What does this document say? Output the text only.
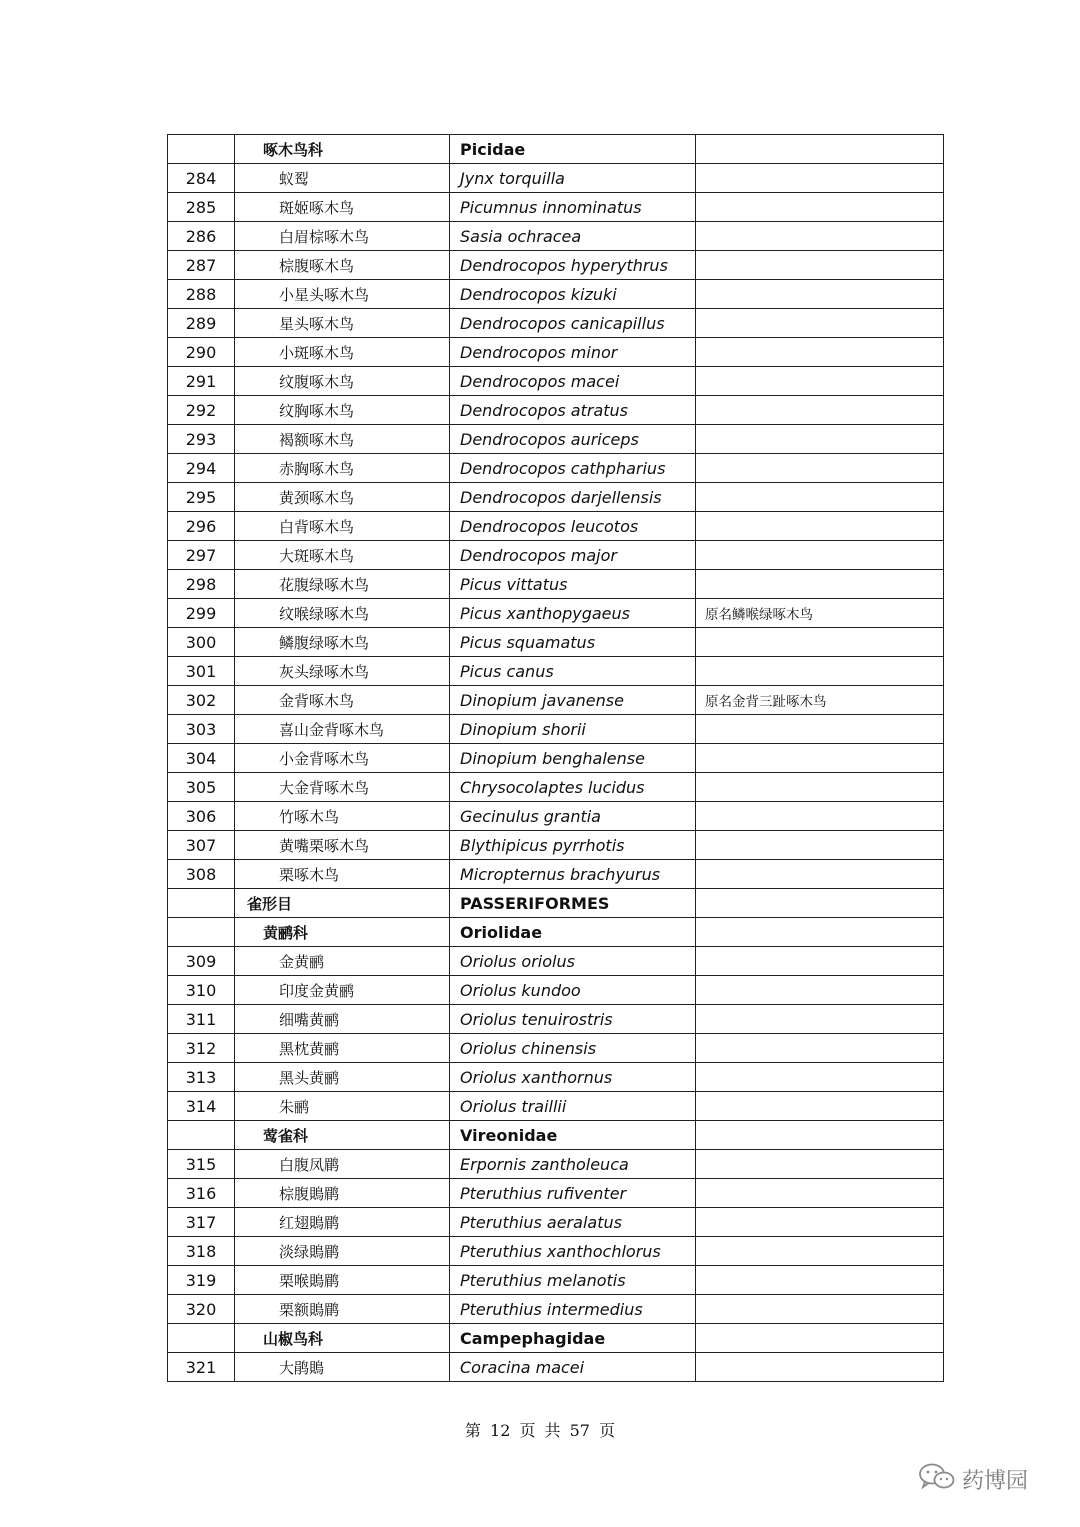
	啄木鸟科	Picidae	
284	蚁䴕	Jynx torquilla	
285	斑姬啄木鸟	Picumnus innominatus	
286	白眉棕啄木鸟	Sasia ochracea	
287	棕腹啄木鸟	Dendrocopos hyperythrus	
288	小星头啄木鸟	Dendrocopos kizuki	
289	星头啄木鸟	Dendrocopos canicapillus	
290	小斑啄木鸟	Dendrocopos minor	
291	纹腹啄木鸟	Dendrocopos macei	
292	纹胸啄木鸟	Dendrocopos atratus	
293	褐额啄木鸟	Dendrocopos auriceps	
294	赤胸啄木鸟	Dendrocopos cathpharius	
295	黄颈啄木鸟	Dendrocopos darjellensis	
296	白背啄木鸟	Dendrocopos leucotos	
297	大斑啄木鸟	Dendrocopos major	
298	花腹绿啄木鸟	Picus vittatus	
299	纹喉绿啄木鸟	Picus xanthopygaeus	原名鳞喉绿啄木鸟
300	鳞腹绿啄木鸟	Picus squamatus	
301	灰头绿啄木鸟	Picus canus	
302	金背啄木鸟	Dinopium javanense	原名金背三趾啄木鸟
303	喜山金背啄木鸟	Dinopium shorii	
304	小金背啄木鸟	Dinopium benghalense	
305	大金背啄木鸟	Chrysocolaptes lucidus	
306	竹啄木鸟	Gecinulus grantia	
307	黄嘴栗啄木鸟	Blythipicus pyrrhotis	
308	栗啄木鸟	Micropternus brachyurus	
	雀形目	PASSERIFORMES	
	黄鹂科	Oriolidae	
309	金黄鹂	Oriolus oriolus	
310	印度金黄鹂	Oriolus kundoo	
311	细嘴黄鹂	Oriolus tenuirostris	
312	黑枕黄鹂	Oriolus chinensis	
313	黑头黄鹂	Oriolus xanthornus	
314	朱鹂	Oriolus traillii	
	莺雀科	Vireonidae	
315	白腹凤鹛	Erpornis zantholeuca	
316	棕腹鵙鹛	Pteruthius rufiventer	
317	红翅鵙鹛	Pteruthius aeralatus	
318	淡绿鵙鹛	Pteruthius xanthochlorus	
319	栗喉鵙鹛	Pteruthius melanotis	
320	栗额鵙鹛	Pteruthius intermedius	
	山椒鸟科	Campephagidae	
321	大鹃鵙	Coracina macei	
第 12 页 共 57 页
药博园
